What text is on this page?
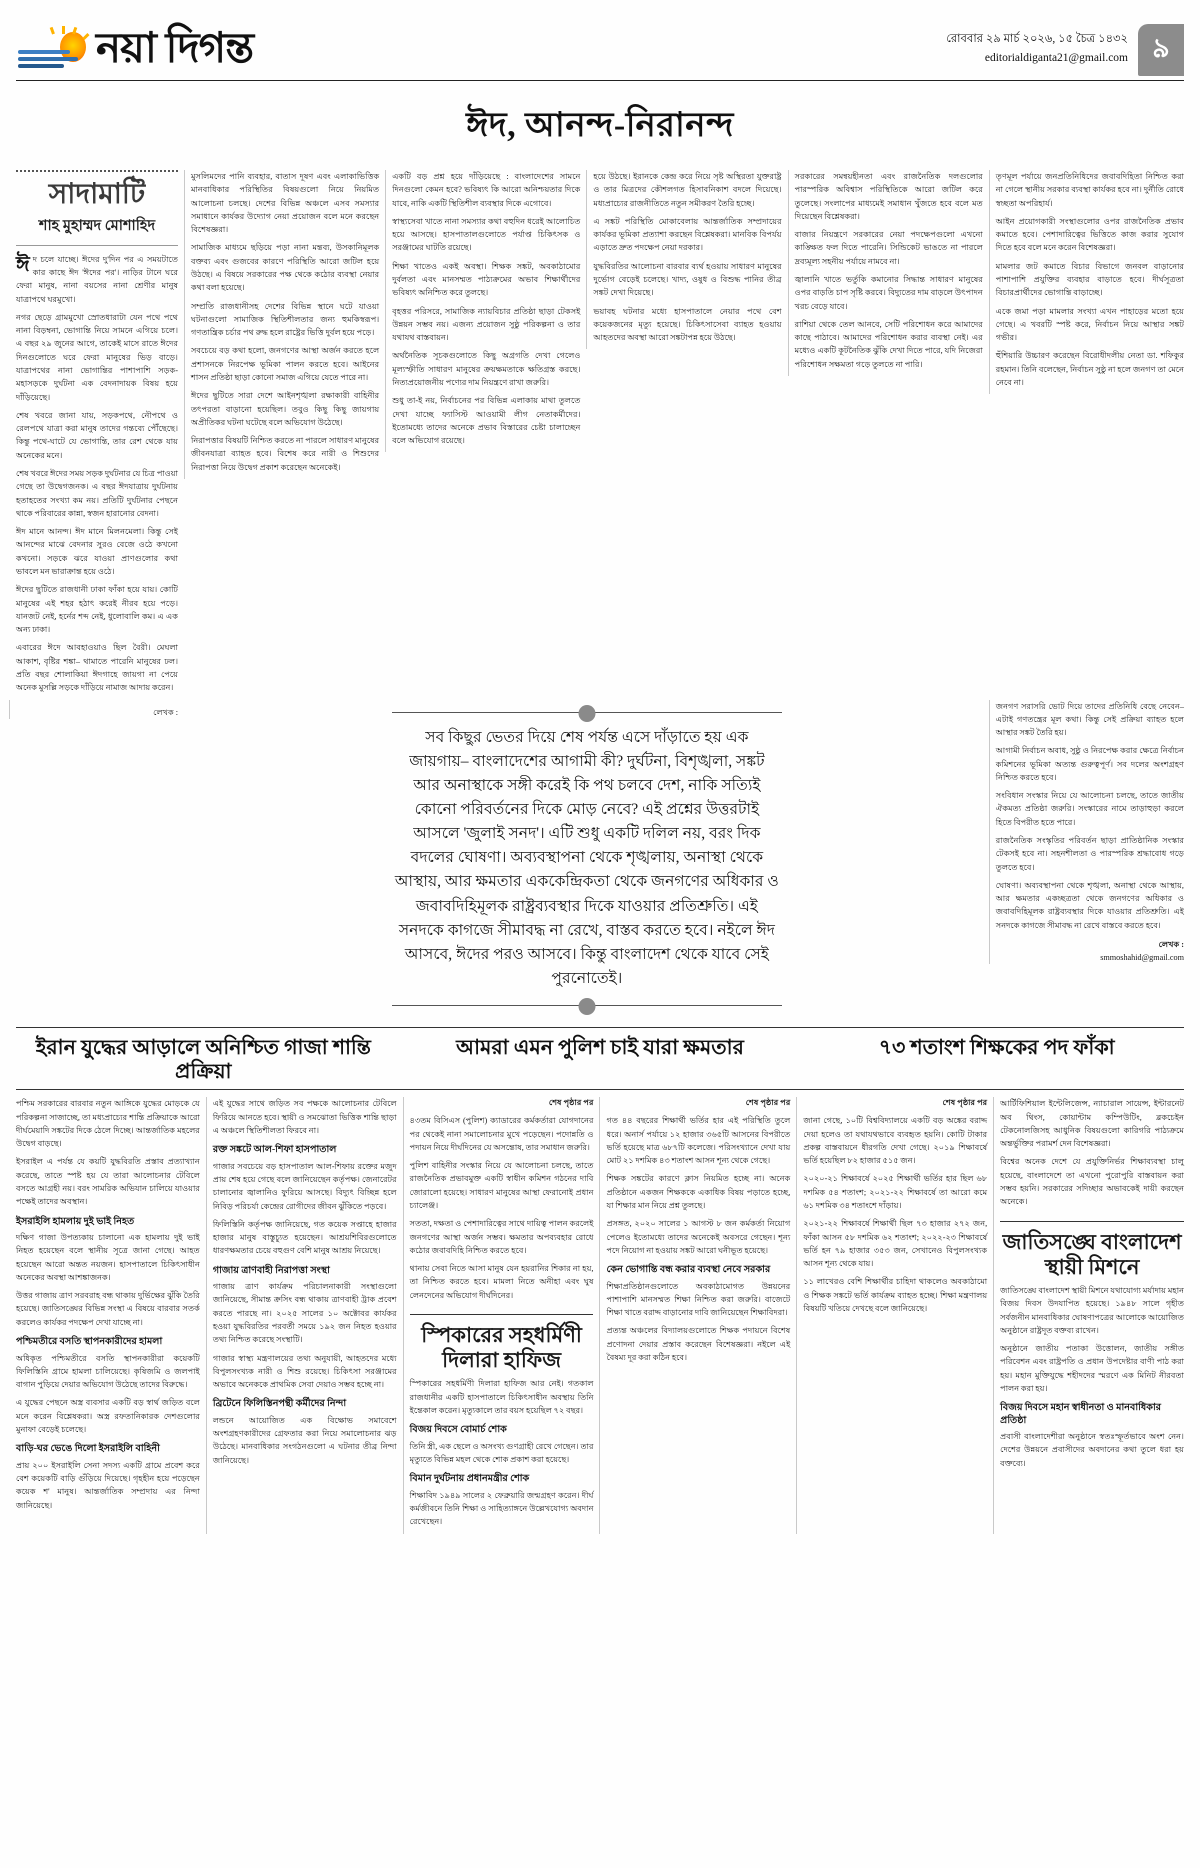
নয়া দিগন্ত	রোববার ২৯ মার্চ ২০২৬, ১৫ চৈত্র ১৪৩২
editorialdiganta21@gmail.com ৯
ঈদ, আনন্দ-নিরানন্দ
সাদামাটি
শাহ মুহাম্মদ মোশাহিদ

ঈদ চলে যাচ্ছে। ঈদের দু'দিন পর এ সময়টাতে কার কাছে ঈদ 'ঈদের পর'। নাড়ির টানে ঘরে ফেরা মানুষ, নানা বয়সের নানা শ্রেণীর মানুষ যাত্রাপথে ঘরমুখো।

নগর ছেড়ে গ্রামমুখো স্রোতধারাটা যেন পথে পথে নানা বিড়ম্বনা, ভোগান্তি নিয়ে সামনে এগিয়ে চলে। এ বছর ২৯ জুনের আগে, তাকেই মাসে রাতে ঈদের দিনগুলোতে ঘরে ফেরা মানুষের ভিড় বাড়ে। যাত্রাপথের নানা ভোগান্তির পাশাপাশি সড়ক-মহাসড়কে দুর্ঘটনা এক বেদনাদায়ক বিষয় হয়ে দাঁড়িয়েছে।

শেষ খবরে জানা যায়, সড়কপথে, নৌপথে ও রেলপথে যাত্রা করা মানুষ তাদের গন্তব্যে পৌঁছেছে। কিন্তু পথে-ঘাটে যে ভোগান্তি, তার রেশ থেকে যায় অনেকের মনে।

শেষ খবরে ঈদের সময় সড়ক দুর্ঘটনার যে চিত্র পাওয়া গেছে তা উদ্বেগজনক। এ বছর ঈদযাত্রায় দুর্ঘটনায় হতাহতের সংখ্যা কম নয়। প্রতিটি দুর্ঘটনার পেছনে থাকে পরিবারের কান্না, স্বজন হারানোর বেদনা।

ঈদ মানে আনন্দ। ঈদ মানে মিলনমেলা। কিন্তু সেই আনন্দের মাঝে বেদনার সুরও বেজে ওঠে কখনো কখনো। সড়কে ঝরে যাওয়া প্রাণগুলোর কথা ভাবলে মন ভারাক্রান্ত হয়ে ওঠে।

ঈদের ছুটিতে রাজধানী ঢাকা ফাঁকা হয়ে যায়। কোটি মানুষের এই শহর হঠাৎ করেই নীরব হয়ে পড়ে। যানজট নেই, হর্নের শব্দ নেই, ধুলোবালি কম। এ এক অন্য ঢাকা।

এবারের ঈদে আবহাওয়াও ছিল বৈরী। মেঘলা আকাশ, বৃষ্টির শঙ্কা– থামাতে পারেনি মানুষের ঢল। প্রতি বছর শোলাকিয়া ঈদগাহে জায়গা না পেয়ে অনেক মুসল্লি সড়কে দাঁড়িয়ে নামাজ আদায় করেন।

মুসলিমদের পানি ব্যবহার, বাতাস দূষণ এবং এলাকাভিত্তিক মানবাধিকার পরিস্থিতির বিষয়গুলো নিয়ে নিয়মিত আলোচনা চলছে। দেশের বিভিন্ন অঞ্চলে এসব সমস্যার সমাধানে কার্যকর উদ্যোগ নেয়া প্রয়োজন বলে মনে করছেন বিশেষজ্ঞরা।

সামাজিক মাধ্যমে ছড়িয়ে পড়া নানা মন্তব্য, উসকানিমূলক বক্তব্য এবং গুজবের কারণে পরিস্থিতি আরো জটিল হয়ে উঠছে। এ বিষয়ে সরকারের পক্ষ থেকে কঠোর ব্যবস্থা নেয়ার কথা বলা হয়েছে।

সম্প্রতি রাজধানীসহ দেশের বিভিন্ন স্থানে ঘটে যাওয়া ঘটনাগুলো সামাজিক স্থিতিশীলতার জন্য হুমকিস্বরূপ। গণতান্ত্রিক চর্চার পথ রুদ্ধ হলে রাষ্ট্রের ভিত্তি দুর্বল হয়ে পড়ে।

সবচেয়ে বড় কথা হলো, জনগণের আস্থা অর্জন করতে হলে প্রশাসনকে নিরপেক্ষ ভূমিকা পালন করতে হবে। আইনের শাসন প্রতিষ্ঠা ছাড়া কোনো সমাজ এগিয়ে যেতে পারে না।

ঈদের ছুটিতে সারা দেশে আইনশৃঙ্খলা রক্ষাকারী বাহিনীর তৎপরতা বাড়ানো হয়েছিল। তবুও কিছু কিছু জায়গায় অপ্রীতিকর ঘটনা ঘটেছে বলে অভিযোগ উঠেছে।

নিরাপত্তার বিষয়টি নিশ্চিত করতে না পারলে সাধারণ মানুষের জীবনযাত্রা ব্যাহত হবে। বিশেষ করে নারী ও শিশুদের নিরাপত্তা নিয়ে উদ্বেগ প্রকাশ করেছেন অনেকেই।

একটি বড় প্রশ্ন হয়ে দাঁড়িয়েছে : বাংলাদেশের সামনে দিনগুলো কেমন হবে? ভবিষ্যৎ কি আরো অনিশ্চয়তার দিকে যাবে, নাকি একটি স্থিতিশীল ব্যবস্থার দিকে এগোবে।

স্বাস্থ্যসেবা খাতে নানা সমস্যার কথা বহুদিন ধরেই আলোচিত হয়ে আসছে। হাসপাতালগুলোতে পর্যাপ্ত চিকিৎসক ও সরঞ্জামের ঘাটতি রয়েছে।

শিক্ষা খাতেও একই অবস্থা। শিক্ষক সঙ্কট, অবকাঠামোর দুর্বলতা এবং মানসম্মত পাঠ্যক্রমের অভাব শিক্ষার্থীদের ভবিষ্যৎ অনিশ্চিত করে তুলছে।

বৃহত্তর পরিসরে, সামাজিক ন্যায়বিচার প্রতিষ্ঠা ছাড়া টেকসই উন্নয়ন সম্ভব নয়। এজন্য প্রয়োজন সুষ্ঠু পরিকল্পনা ও তার যথাযথ বাস্তবায়ন।

অর্থনৈতিক সূচকগুলোতে কিছু অগ্রগতি দেখা গেলেও মূল্যস্ফীতি সাধারণ মানুষের ক্রয়ক্ষমতাকে ক্ষতিগ্রস্ত করছে। নিত্যপ্রয়োজনীয় পণ্যের দাম নিয়ন্ত্রণে রাখা জরুরি।

শুধু তা-ই নয়, নির্বাচনের পর বিভিন্ন এলাকায় মাথা তুলতে দেখা যাচ্ছে ফ্যাসিস্ট আওয়ামী লীগ নেতাকর্মীদের। ইতোমধ্যে তাদের অনেকে প্রভাব বিস্তারের চেষ্টা চালাচ্ছেন বলে অভিযোগ রয়েছে।

হয়ে উঠছে। ইরানকে কেন্দ্র করে নিয়ে সৃষ্ট অস্থিরতা যুক্তরাষ্ট্র ও তার মিত্রদের কৌশলগত হিসাবনিকাশ বদলে দিয়েছে। মধ্যপ্রাচ্যের রাজনীতিতে নতুন সমীকরণ তৈরি হচ্ছে।

এ সঙ্কট পরিস্থিতি মোকাবেলায় আন্তর্জাতিক সম্প্রদায়ের কার্যকর ভূমিকা প্রত্যাশা করছেন বিশ্লেষকরা। মানবিক বিপর্যয় এড়াতে দ্রুত পদক্ষেপ নেয়া দরকার।

যুদ্ধবিরতির আলোচনা বারবার ব্যর্থ হওয়ায় সাধারণ মানুষের দুর্ভোগ বেড়েই চলেছে। খাদ্য, ওষুধ ও বিশুদ্ধ পানির তীব্র সঙ্কট দেখা দিয়েছে।

ভয়াবহ ঘটনার মধ্যে হাসপাতালে নেয়ার পথে বেশ কয়েকজনের মৃত্যু হয়েছে। চিকিৎসাসেবা ব্যাহত হওয়ায় আহতদের অবস্থা আরো সঙ্কটাপন্ন হয়ে উঠছে।

সরকারের সমন্বয়হীনতা এবং রাজনৈতিক দলগুলোর পারস্পরিক অবিশ্বাস পরিস্থিতিকে আরো জটিল করে তুলেছে। সংলাপের মাধ্যমেই সমাধান খুঁজতে হবে বলে মত দিয়েছেন বিশ্লেষকরা।

বাজার নিয়ন্ত্রণে সরকারের নেয়া পদক্ষেপগুলো এখনো কাঙ্ক্ষিত ফল দিতে পারেনি। সিন্ডিকেট ভাঙতে না পারলে দ্রব্যমূল্য সহনীয় পর্যায়ে নামবে না।

জ্বালানি খাতে ভর্তুকি কমানোর সিদ্ধান্ত সাধারণ মানুষের ওপর বাড়তি চাপ সৃষ্টি করবে। বিদ্যুতের দাম বাড়লে উৎপাদন খরচ বেড়ে যাবে।

রাশিয়া থেকে তেল আনবে, সেটি পরিশোধন করে আমাদের কাছে পাঠাবে। আমাদের পরিশোধন করার ব্যবস্থা নেই। এর মধ্যেও একটি কূটনৈতিক ঝুঁকি দেখা দিতে পারে, যদি নিজেরা পরিশোধন সক্ষমতা গড়ে তুলতে না পারি।

তৃণমূল পর্যায়ে জনপ্রতিনিধিদের জবাবদিহিতা নিশ্চিত করা না গেলে স্থানীয় সরকার ব্যবস্থা কার্যকর হবে না। দুর্নীতি রোধে স্বচ্ছতা অপরিহার্য।

আইন প্রয়োগকারী সংস্থাগুলোর ওপর রাজনৈতিক প্রভাব কমাতে হবে। পেশাদারিত্বের ভিত্তিতে কাজ করার সুযোগ দিতে হবে বলে মনে করেন বিশেষজ্ঞরা।

মামলার জট কমাতে বিচার বিভাগে জনবল বাড়ানোর পাশাপাশি প্রযুক্তির ব্যবহার বাড়াতে হবে। দীর্ঘসূত্রতা বিচারপ্রার্থীদের ভোগান্তি বাড়াচ্ছে।

একে জমা পড়া মামলার সংখ্যা এখন পাহাড়ের মতো হয়ে গেছে। এ খবরটি স্পষ্ট করে, নির্বাচন নিয়ে আস্থার সঙ্কট গভীর।

হুঁশিয়ারি উচ্চারণ করেছেন বিরোধীদলীয় নেতা ডা. শফিকুর রহমান। তিনি বলেছেন, নির্বাচন সুষ্ঠু না হলে জনগণ তা মেনে নেবে না।

লেখক :
সব কিছুর ভেতর দিয়ে শেষ পর্যন্ত এসে দাঁড়াতে হয় এক জায়গায়– বাংলাদেশের আগামী কী? দুর্ঘটনা, বিশৃঙ্খলা, সঙ্কট আর অনাস্থাকে সঙ্গী করেই কি পথ চলবে দেশ, নাকি সত্যিই কোনো পরিবর্তনের দিকে মোড় নেবে? এই প্রশ্নের উত্তরটাই আসলে 'জুলাই সনদ'। এটি শুধু একটি দলিল নয়, বরং দিক বদলের ঘোষণা। অব্যবস্থাপনা থেকে শৃঙ্খলায়, অনাস্থা থেকে আস্থায়, আর ক্ষমতার এককেন্দ্রিকতা থেকে জনগণের অধিকার ও জবাবদিহিমূলক রাষ্ট্রব্যবস্থার দিকে যাওয়ার প্রতিশ্রুতি। এই সনদকে কাগজে সীমাবদ্ধ না রেখে, বাস্তব করতে হবে। নইলে ঈদ আসবে, ঈদের পরও আসবে। কিন্তু বাংলাদেশ থেকে যাবে সেই পুরনোতেই।

জনগণ সরাসরি ভোট দিয়ে তাদের প্রতিনিধি বেছে নেবেন– এটাই গণতন্ত্রের মূল কথা। কিন্তু সেই প্রক্রিয়া ব্যাহত হলে আস্থার সঙ্কট তৈরি হয়।

আগামী নির্বাচন অবাধ, সুষ্ঠু ও নিরপেক্ষ করার ক্ষেত্রে নির্বাচন কমিশনের ভূমিকা অত্যন্ত গুরুত্বপূর্ণ। সব দলের অংশগ্রহণ নিশ্চিত করতে হবে।

সংবিধান সংস্কার নিয়ে যে আলোচনা চলছে, তাতে জাতীয় ঐকমত্য প্রতিষ্ঠা জরুরি। সংস্কারের নামে তাড়াহুড়া করলে হিতে বিপরীত হতে পারে।

রাজনৈতিক সংস্কৃতির পরিবর্তন ছাড়া প্রাতিষ্ঠানিক সংস্কার টেকসই হবে না। সহনশীলতা ও পারস্পরিক শ্রদ্ধাবোধ গড়ে তুলতে হবে।

ঘোষণা। অব্যবস্থাপনা থেকে শৃঙ্খলা, অনাস্থা থেকে আস্থায়, আর ক্ষমতার একচ্ছত্রতা থেকে জনগণের অধিকার ও জবাবদিহিমূলক রাষ্ট্রব্যবস্থার দিকে যাওয়ার প্রতিশ্রুতি। এই সনদকে কাগজে সীমাবদ্ধ না রেখে বাস্তবে করতে হবে।

লেখক :
smmoshahid@gmail.com
ইরান যুদ্ধের আড়ালে অনিশ্চিত গাজা শান্তি প্রক্রিয়া
আমরা এমন পুলিশ চাই যারা ক্ষমতার	৭৩ শতাংশ শিক্ষকের পদ ফাঁকা

পশ্চিম সরকারের বারবার নতুন আঙ্গিকে যুদ্ধের মোড়কে যে পরিকল্পনা সাজাচ্ছে, তা মধ্যপ্রাচ্যের শান্তি প্রক্রিয়াকে আরো দীর্ঘমেয়াদি সঙ্কটের দিকে ঠেলে দিচ্ছে। আন্তর্জাতিক মহলের উদ্বেগ বাড়ছে।

ইসরাইল এ পর্যন্ত যে কয়টি যুদ্ধবিরতি প্রস্তাব প্রত্যাখ্যান করেছে, তাতে স্পষ্ট হয় যে তারা আলোচনার টেবিলে বসতে আগ্রহী নয়। বরং সামরিক অভিযান চালিয়ে যাওয়ার পক্ষেই তাদের অবস্থান।

ইসরাইলি হামলায় দুই ভাই নিহত

দক্ষিণ গাজা উপত্যকায় চালানো এক হামলায় দুই ভাই নিহত হয়েছেন বলে স্থানীয় সূত্রে জানা গেছে। আহত হয়েছেন আরো অন্তত নয়জন। হাসপাতালে চিকিৎসাধীন অনেকের অবস্থা আশঙ্কাজনক।

উত্তর গাজায় ত্রাণ সরবরাহ বন্ধ থাকায় দুর্ভিক্ষের ঝুঁকি তৈরি হয়েছে। জাতিসঙ্ঘের বিভিন্ন সংস্থা এ বিষয়ে বারবার সতর্ক করলেও কার্যকর পদক্ষেপ দেখা যাচ্ছে না।

পশ্চিমতীরে বসতি স্থাপনকারীদের হামলা

অধিকৃত পশ্চিমতীরে বসতি স্থাপনকারীরা কয়েকটি ফিলিস্তিনি গ্রামে হামলা চালিয়েছে। কৃষিজমি ও জলপাই বাগান পুড়িয়ে দেয়ার অভিযোগ উঠেছে তাদের বিরুদ্ধে।

এ যুদ্ধের পেছনে অস্ত্র ব্যবসার একটি বড় স্বার্থ জড়িত বলে মনে করেন বিশ্লেষকরা। অস্ত্র রফতানিকারক দেশগুলোর মুনাফা বেড়েই চলেছে।

বাড়ি-ঘর ভেঙে দিলো ইসরাইলি বাহিনী

প্রায় ২০০ ইসরাইলি সেনা সদস্য একটি গ্রামে প্রবেশ করে বেশ কয়েকটি বাড়ি গুঁড়িয়ে দিয়েছে। গৃহহীন হয়ে পড়েছেন কয়েক শ' মানুষ। আন্তর্জাতিক সম্প্রদায় এর নিন্দা জানিয়েছে।

এই যুদ্ধের সাথে জড়িত সব পক্ষকে আলোচনার টেবিলে ফিরিয়ে আনতে হবে। স্থায়ী ও সমঝোতা ভিত্তিক শান্তি ছাড়া এ অঞ্চলে স্থিতিশীলতা ফিরবে না।

রক্ত সঙ্কটে আল-শিফা হাসপাতাল

গাজার সবচেয়ে বড় হাসপাতাল আল-শিফায় রক্তের মজুদ প্রায় শেষ হয়ে গেছে বলে জানিয়েছেন কর্তৃপক্ষ। জেনারেটর চালানোর জ্বালানিও ফুরিয়ে আসছে। বিদ্যুৎ বিচ্ছিন্ন হলে নিবিড় পরিচর্যা কেন্দ্রের রোগীদের জীবন ঝুঁকিতে পড়বে।

ফিলিস্তিনি কর্তৃপক্ষ জানিয়েছে, গত কয়েক সপ্তাহে হাজার হাজার মানুষ বাস্তুচ্যুত হয়েছেন। আশ্রয়শিবিরগুলোতে ধারণক্ষমতার চেয়ে বহুগুণ বেশি মানুষ আশ্রয় নিয়েছে।

গাজায় ত্রাণবাহী নিরাপত্তা সংস্থা

গাজায় ত্রাণ কার্যক্রম পরিচালনাকারী সংস্থাগুলো জানিয়েছে, সীমান্ত ক্রসিং বন্ধ থাকায় ত্রাণবাহী ট্রাক প্রবেশ করতে পারছে না। ২০২৫ সালের ১০ অক্টোবর কার্যকর হওয়া যুদ্ধবিরতির পরবর্তী সময়ে ১৯২ জন নিহত হওয়ার তথ্য নিশ্চিত করেছে সংস্থাটি।

গাজার স্বাস্থ্য মন্ত্রণালয়ের তথ্য অনুযায়ী, আহতদের মধ্যে বিপুলসংখ্যক নারী ও শিশু রয়েছে। চিকিৎসা সরঞ্জামের অভাবে অনেককে প্রাথমিক সেবা দেয়াও সম্ভব হচ্ছে না।

ব্রিটেনে ফিলিস্তিনপন্থী কর্মীদের নিন্দা

লন্ডনে আয়োজিত এক বিক্ষোভ সমাবেশে অংশগ্রহণকারীদের গ্রেফতার করা নিয়ে সমালোচনার ঝড় উঠেছে। মানবাধিকার সংগঠনগুলো এ ঘটনার তীব্র নিন্দা জানিয়েছে।

শেষ পৃষ্ঠার পর

৪৩তম বিসিএস (পুলিশ) ক্যাডারের কর্মকর্তারা যোগদানের পর থেকেই নানা সমালোচনার মুখে পড়েছেন। পদোন্নতি ও পদায়ন নিয়ে দীর্ঘদিনের যে অসন্তোষ, তার সমাধান জরুরি।

পুলিশ বাহিনীর সংস্কার নিয়ে যে আলোচনা চলছে, তাতে রাজনৈতিক প্রভাবমুক্ত একটি স্বাধীন কমিশন গঠনের দাবি জোরালো হয়েছে। সাধারণ মানুষের আস্থা ফেরানোই প্রধান চ্যালেঞ্জ।

সততা, দক্ষতা ও পেশাদারিত্বের সাথে দায়িত্ব পালন করলেই জনগণের আস্থা অর্জন সম্ভব। ক্ষমতার অপব্যবহার রোধে কঠোর জবাবদিহি নিশ্চিত করতে হবে।

থানায় সেবা নিতে আসা মানুষ যেন হয়রানির শিকার না হয়, তা নিশ্চিত করতে হবে। মামলা নিতে অনীহা এবং ঘুষ লেনদেনের অভিযোগ দীর্ঘদিনের।

স্পিকারের সহধর্মিণী দিলারা হাফিজ

স্পিকারের সহধর্মিণী দিলারা হাফিজ আর নেই। গতকাল রাজধানীর একটি হাসপাতালে চিকিৎসাধীন অবস্থায় তিনি ইন্তেকাল করেন। মৃত্যুকালে তার বয়স হয়েছিল ৭২ বছর।

বিজয় দিবসে বোমার্চ শোক

তিনি স্ত্রী, এক ছেলে ও অসংখ্য গুণগ্রাহী রেখে গেছেন। তার মৃত্যুতে বিভিন্ন মহল থেকে শোক প্রকাশ করা হয়েছে।

বিমান দুর্ঘটনায় প্রধানমন্ত্রীর শোক

শিক্ষাবিদ ১৯৪৯ সালের ২ ফেব্রুয়ারি জন্মগ্রহণ করেন। দীর্ঘ কর্মজীবনে তিনি শিক্ষা ও সাহিত্যাঙ্গনে উল্লেখযোগ্য অবদান রেখেছেন।

শেষ পৃষ্ঠার পর

গত ৪৪ বছরের শিক্ষার্থী ভর্তির হার এই পরিস্থিতি তুলে ধরে। অনার্স পর্যায়ে ১২ হাজার ৩৬৫টি আসনের বিপরীতে ভর্তি হয়েছে মাত্র ৬৮৭টি কলেজে। পরিসংখ্যানে দেখা যায় মোট ২১ দশমিক ৪৩ শতাংশ আসন শূন্য থেকে গেছে।

শিক্ষক সঙ্কটের কারণে ক্লাস নিয়মিত হচ্ছে না। অনেক প্রতিষ্ঠানে একজন শিক্ষককে একাধিক বিষয় পড়াতে হচ্ছে, যা শিক্ষার মান নিয়ে প্রশ্ন তুলছে।

প্রসঙ্গত, ২০২০ সালের ১ আগস্ট ৮ জন কর্মকর্তা নিয়োগ পেলেও ইতোমধ্যে তাদের অনেকেই অবসরে গেছেন। শূন্য পদে নিয়োগ না হওয়ায় সঙ্কট আরো ঘনীভূত হয়েছে।

কেন ভোগান্তি বন্ধ করার ব্যবস্থা নেবে সরকার

শিক্ষাপ্রতিষ্ঠানগুলোতে অবকাঠামোগত উন্নয়নের পাশাপাশি মানসম্মত শিক্ষা নিশ্চিত করা জরুরি। বাজেটে শিক্ষা খাতে বরাদ্দ বাড়ানোর দাবি জানিয়েছেন শিক্ষাবিদরা।

প্রত্যন্ত অঞ্চলের বিদ্যালয়গুলোতে শিক্ষক পদায়নে বিশেষ প্রণোদনা দেয়ার প্রস্তাব করেছেন বিশেষজ্ঞরা। নইলে এই বৈষম্য দূর করা কঠিন হবে।

শেষ পৃষ্ঠার পর

জানা গেছে, ১০টি বিশ্ববিদ্যালয়ে একটি বড় অঙ্কের বরাদ্দ দেয়া হলেও তা যথাযথভাবে ব্যবহৃত হয়নি। কোটি টাকার প্রকল্প বাস্তবায়নে ধীরগতি দেখা গেছে। ২০১৯ শিক্ষাবর্ষে ভর্তি হয়েছিল ৮২ হাজার ৫১৫ জন।

২০২০-২১ শিক্ষাবর্ষে ২০২৫ শিক্ষার্থী ভর্তির হার ছিল ৬৮ দশমিক ৫৪ শতাংশ; ২০২১-২২ শিক্ষাবর্ষে তা আরো কমে ৬১ দশমিক ৩৪ শতাংশে দাঁড়ায়।

২০২১-২২ শিক্ষাবর্ষে শিক্ষার্থী ছিল ৭৩ হাজার ২৭২ জন, ফাঁকা আসন ৫৮ দশমিক ৬২ শতাংশ; ২০২২-২৩ শিক্ষাবর্ষে ভর্তি হন ৭৯ হাজার ৩৫৩ জন, সেখানেও বিপুলসংখ্যক আসন শূন্য থেকে যায়।

১১ লাখেরও বেশি শিক্ষার্থীর চাহিদা থাকলেও অবকাঠামো ও শিক্ষক সঙ্কটে ভর্তি কার্যক্রম ব্যাহত হচ্ছে। শিক্ষা মন্ত্রণালয় বিষয়টি খতিয়ে দেখছে বলে জানিয়েছে।

আর্টিফিশিয়াল ইন্টেলিজেন্স, ন্যাচারাল সায়েন্স, ইন্টারনেট অব থিংস, কোয়ান্টাম কম্পিউটিং, ব্লকচেইন টেকনোলজিসহ আধুনিক বিষয়গুলো কারিগরি পাঠ্যক্রমে অন্তর্ভুক্তির পরামর্শ দেন বিশেষজ্ঞরা।

বিশ্বের অনেক দেশে যে প্রযুক্তিনির্ভর শিক্ষাব্যবস্থা চালু হয়েছে, বাংলাদেশে তা এখনো পুরোপুরি বাস্তবায়ন করা সম্ভব হয়নি। সরকারের সদিচ্ছার অভাবকেই দায়ী করছেন অনেকে।

জাতিসঙ্ঘে বাংলাদেশ স্থায়ী মিশনে

জাতিসঙ্ঘে বাংলাদেশ স্থায়ী মিশনে যথাযোগ্য মর্যাদায় মহান বিজয় দিবস উদযাপিত হয়েছে। ১৯৪৮ সালে গৃহীত সর্বজনীন মানবাধিকার ঘোষণাপত্রের আলোকে আয়োজিত অনুষ্ঠানে রাষ্ট্রদূত বক্তব্য রাখেন।

অনুষ্ঠানে জাতীয় পতাকা উত্তোলন, জাতীয় সঙ্গীত পরিবেশন এবং রাষ্ট্রপতি ও প্রধান উপদেষ্টার বাণী পাঠ করা হয়। মহান মুক্তিযুদ্ধে শহীদদের স্মরণে এক মিনিট নীরবতা পালন করা হয়।

বিজয় দিবসে মহান স্বাধীনতা ও মানবাধিকার প্রতিষ্ঠা

প্রবাসী বাংলাদেশীরা অনুষ্ঠানে স্বতঃস্ফূর্তভাবে অংশ নেন। দেশের উন্নয়নে প্রবাসীদের অবদানের কথা তুলে ধরা হয় বক্তব্যে।
